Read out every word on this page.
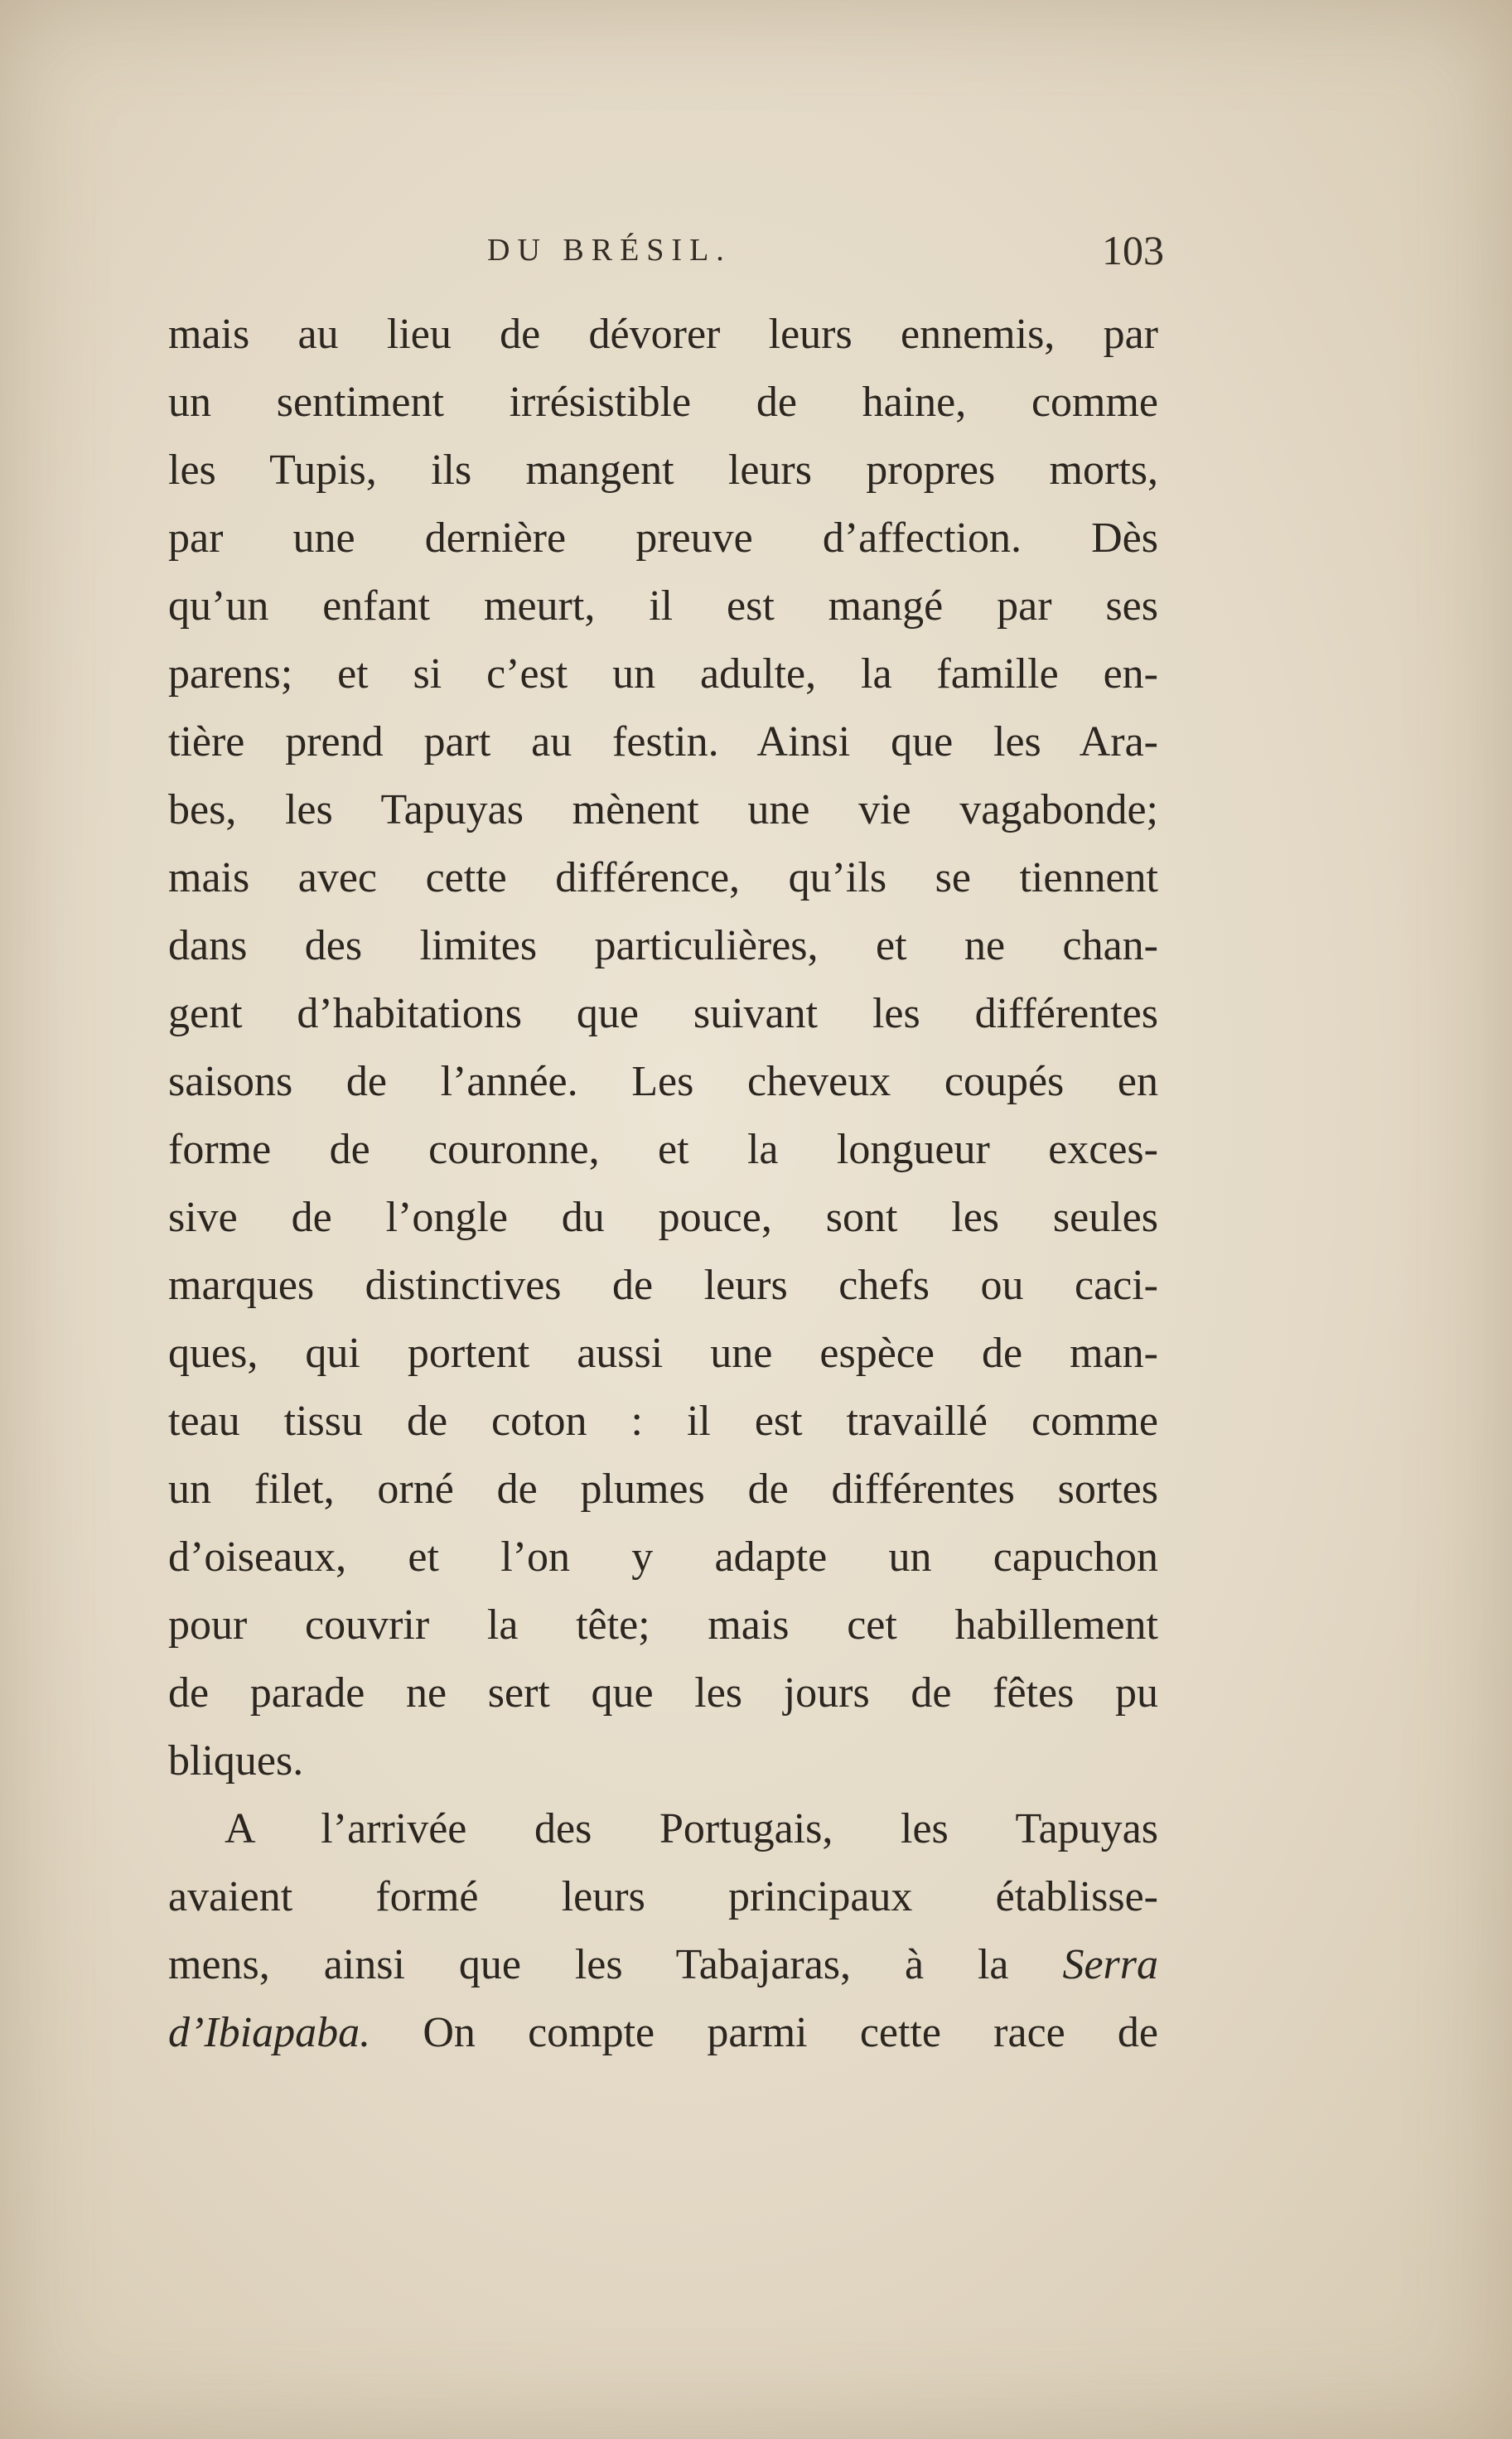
DU BRÉSIL.	103
mais au lieu de dévorer leurs ennemis, par
un sentiment irrésistible de haine, comme
les Tupis, ils mangent leurs propres morts,
par une dernière preuve d’affection. Dès
qu’un enfant meurt, il est mangé par ses
parens; et si c’est un adulte, la famille en-
tière prend part au festin. Ainsi que les Ara-
bes, les Tapuyas mènent une vie vagabonde;
mais avec cette différence, qu’ils se tiennent
dans des limites particulières, et ne chan-
gent d’habitations que suivant les différentes
saisons de l’année. Les cheveux coupés en
forme de couronne, et la longueur exces-
sive de l’ongle du pouce, sont les seules
marques distinctives de leurs chefs ou caci-
ques, qui portent aussi une espèce de man-
teau tissu de coton : il est travaillé comme
un filet, orné de plumes de différentes sortes
d’oiseaux, et l’on y adapte un capuchon
pour couvrir la tête; mais cet habillement
de parade ne sert que les jours de fêtes pu
bliques.
A l’arrivée des Portugais, les Tapuyas
avaient formé leurs principaux établisse-
mens, ainsi que les Tabajaras, à la Serra
d’Ibiapaba. On compte parmi cette race de
